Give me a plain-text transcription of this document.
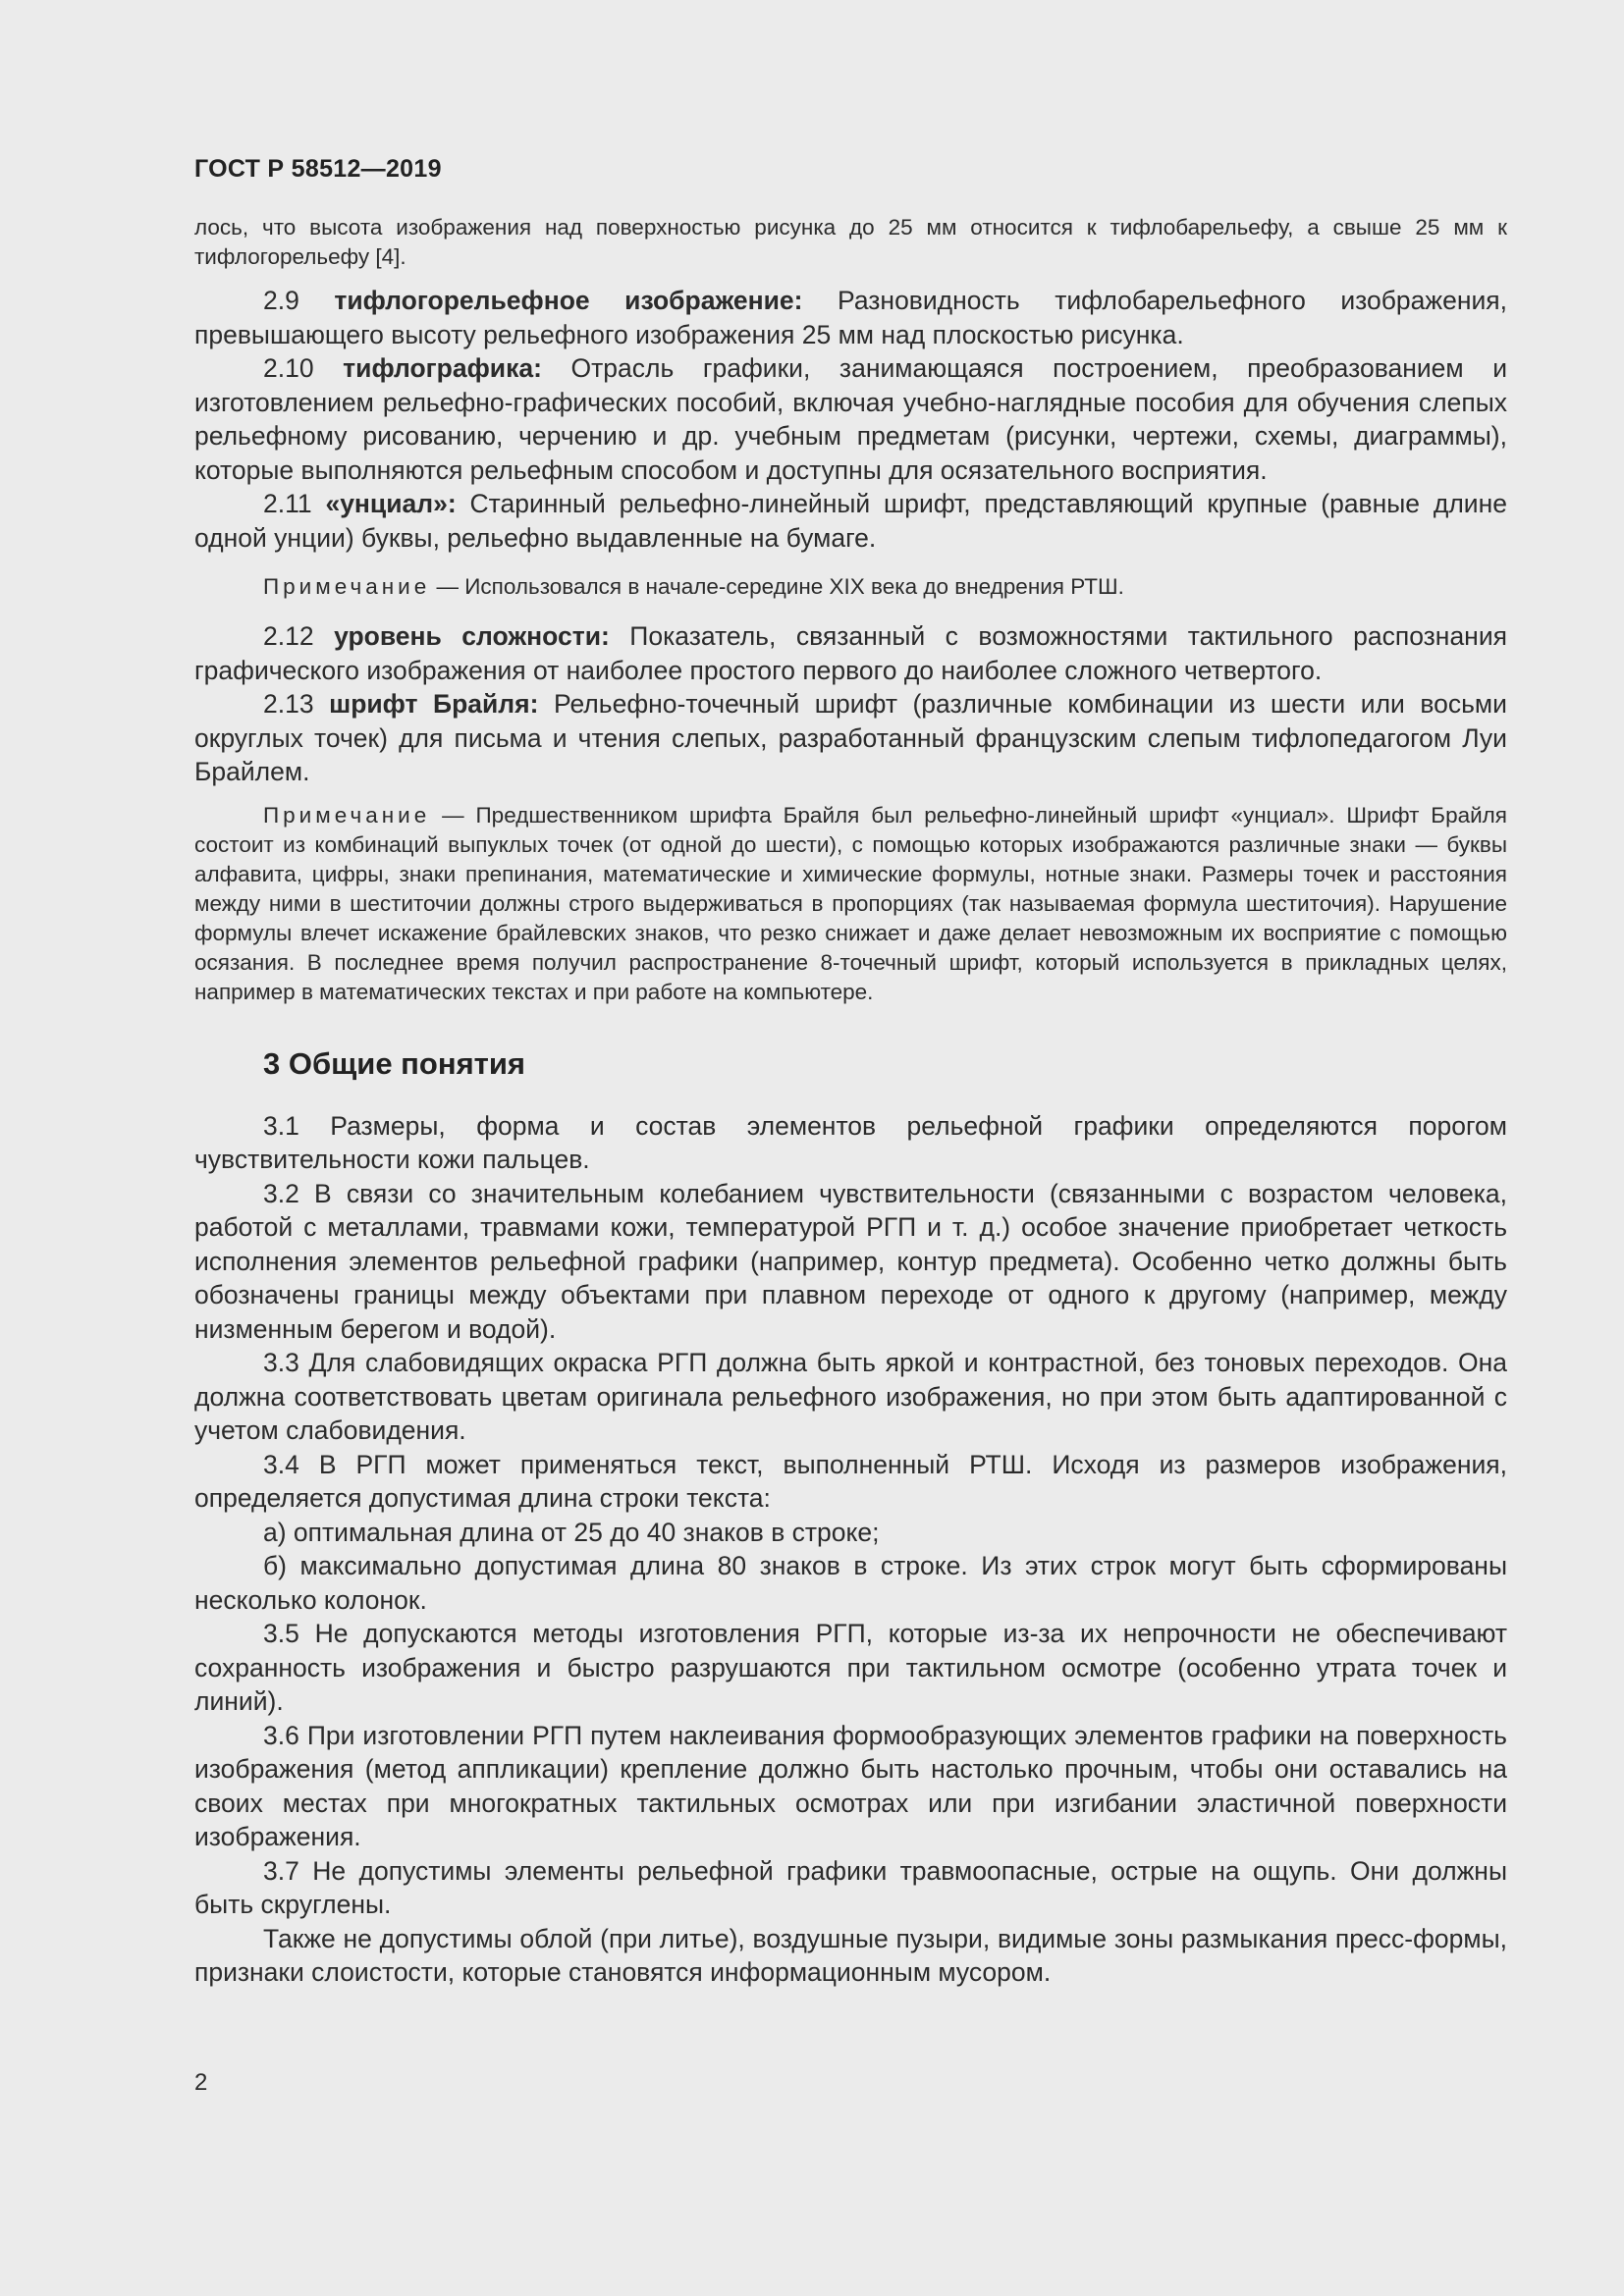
ГОСТ Р 58512—2019

лось, что высота изображения над поверхностью рисунка до 25 мм относится к тифлобарельефу, а свыше 25 мм к тифлогорельефу [4].

2.9 тифлогорельефное изображение: Разновидность тифлобарельефного изображения, превышающего высоту рельефного изображения 25 мм над плоскостью рисунка.

2.10 тифлографика: Отрасль графики, занимающаяся построением, преобразованием и изготовлением рельефно-графических пособий, включая учебно-наглядные пособия для обучения слепых рельефному рисованию, черчению и др. учебным предметам (рисунки, чертежи, схемы, диаграммы), которые выполняются рельефным способом и доступны для осязательного восприятия.

2.11 «унциал»: Старинный рельефно-линейный шрифт, представляющий крупные (равные длине одной унции) буквы, рельефно выдавленные на бумаге.

Примечание — Использовался в начале-середине XIX века до внедрения РТШ.

2.12 уровень сложности: Показатель, связанный с возможностями тактильного распознания графического изображения от наиболее простого первого до наиболее сложного четвертого.

2.13 шрифт Брайля: Рельефно-точечный шрифт (различные комбинации из шести или восьми округлых точек) для письма и чтения слепых, разработанный французским слепым тифлопедагогом Луи Брайлем.

Примечание — Предшественником шрифта Брайля был рельефно-линейный шрифт «унциал». Шрифт Брайля состоит из комбинаций выпуклых точек (от одной до шести), с помощью которых изображаются различные знаки — буквы алфавита, цифры, знаки препинания, математические и химические формулы, нотные знаки. Размеры точек и расстояния между ними в шеститочии должны строго выдерживаться в пропорциях (так называемая формула шеститочия). Нарушение формулы влечет искажение брайлевских знаков, что резко снижает и даже делает невозможным их восприятие с помощью осязания. В последнее время получил распространение 8-точечный шрифт, который используется в прикладных целях, например в математических текстах и при работе на компьютере.

3 Общие понятия

3.1 Размеры, форма и состав элементов рельефной графики определяются порогом чувствительности кожи пальцев.

3.2 В связи со значительным колебанием чувствительности (связанными с возрастом человека, работой с металлами, травмами кожи, температурой РГП и т. д.) особое значение приобретает четкость исполнения элементов рельефной графики (например, контур предмета). Особенно четко должны быть обозначены границы между объектами при плавном переходе от одного к другому (например, между низменным берегом и водой).

3.3 Для слабовидящих окраска РГП должна быть яркой и контрастной, без тоновых переходов. Она должна соответствовать цветам оригинала рельефного изображения, но при этом быть адаптированной с учетом слабовидения.

3.4 В РГП может применяться текст, выполненный РТШ. Исходя из размеров изображения, определяется допустимая длина строки текста:

а) оптимальная длина от 25 до 40 знаков в строке;

б) максимально допустимая длина 80 знаков в строке. Из этих строк могут быть сформированы несколько колонок.

3.5 Не допускаются методы изготовления РГП, которые из-за их непрочности не обеспечивают сохранность изображения и быстро разрушаются при тактильном осмотре (особенно утрата точек и линий).

3.6 При изготовлении РГП путем наклеивания формообразующих элементов графики на поверхность изображения (метод аппликации) крепление должно быть настолько прочным, чтобы они оставались на своих местах при многократных тактильных осмотрах или при изгибании эластичной поверхности изображения.

3.7 Не допустимы элементы рельефной графики травмоопасные, острые на ощупь. Они должны быть скруглены.

Также не допустимы облой (при литье), воздушные пузыри, видимые зоны размыкания пресс-формы, признаки слоистости, которые становятся информационным мусором.

2
